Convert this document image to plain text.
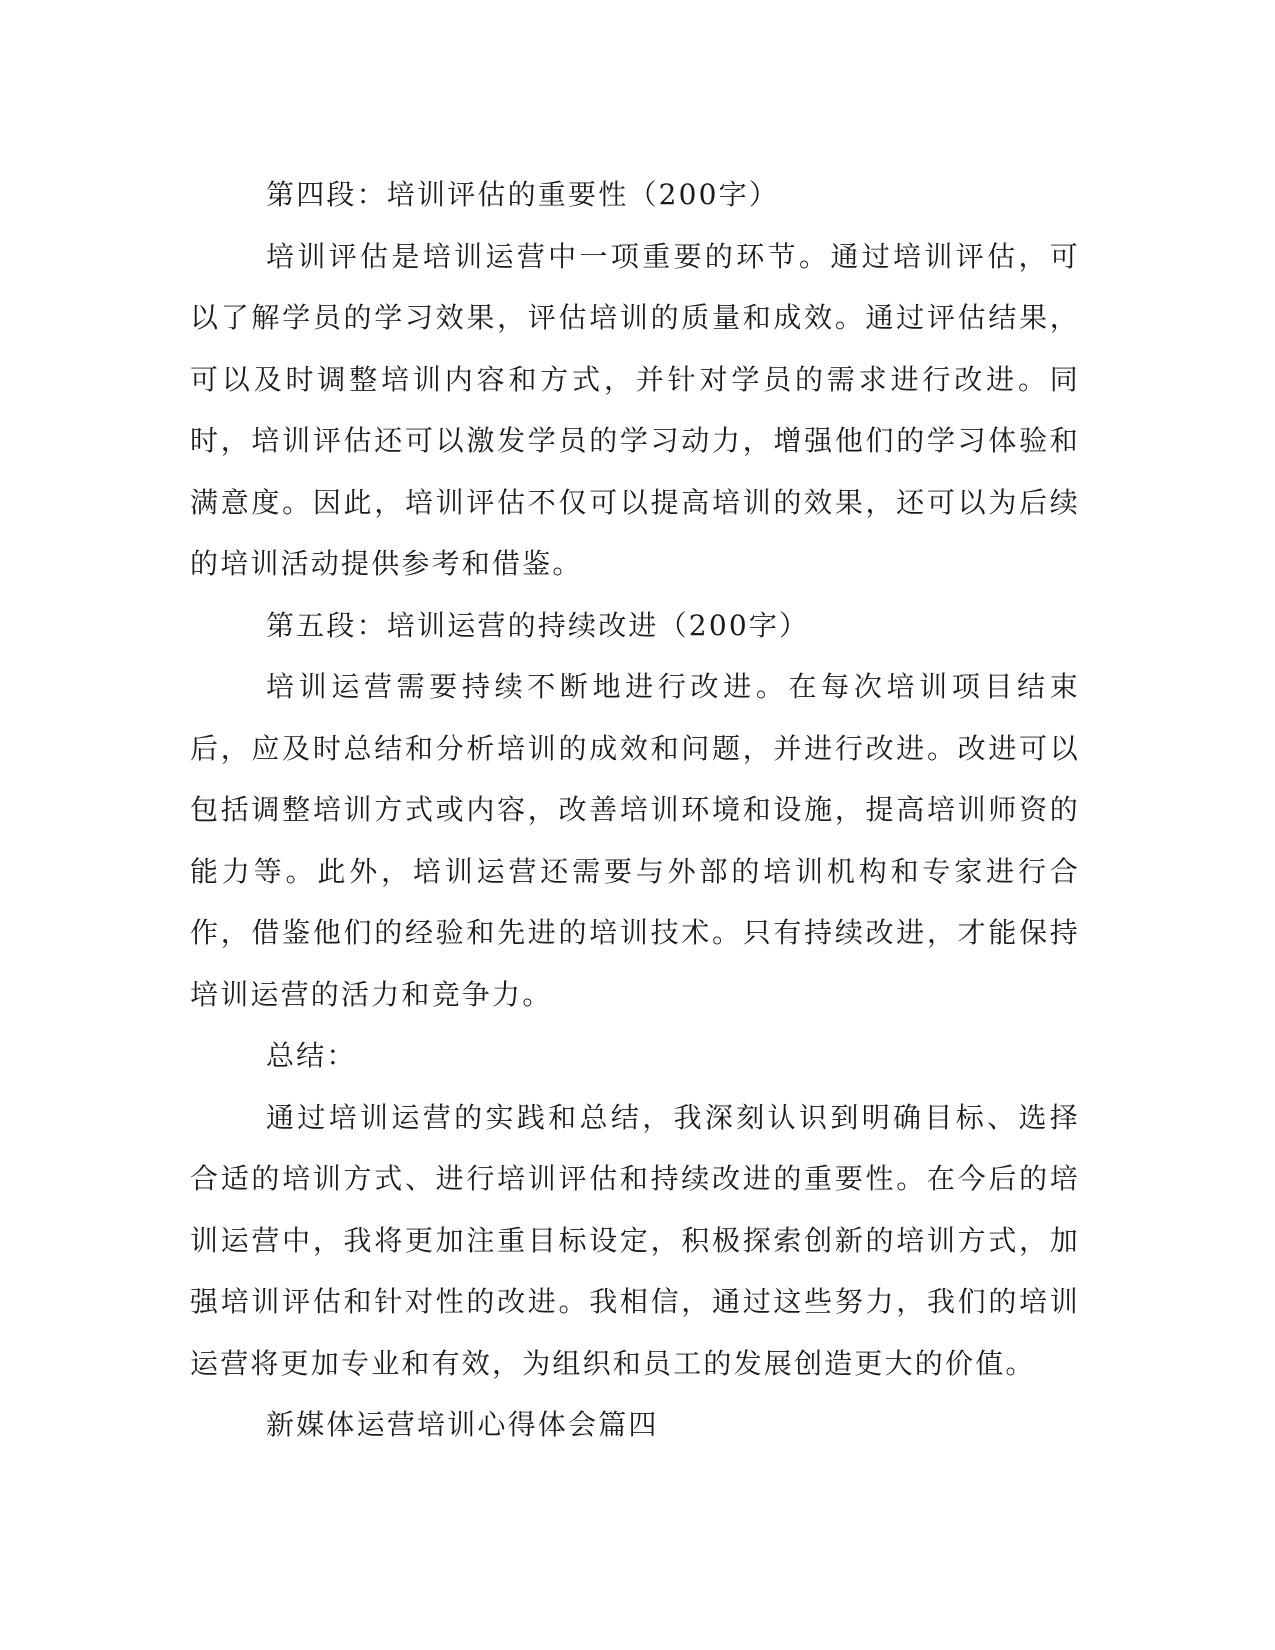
第四段：培训评估的重要性（200字）

培训评估是培训运营中一项重要的环节。通过培训评估，可以了解学员的学习效果，评估培训的质量和成效。通过评估结果，可以及时调整培训内容和方式，并针对学员的需求进行改进。同时，培训评估还可以激发学员的学习动力，增强他们的学习体验和满意度。因此，培训评估不仅可以提高培训的效果，还可以为后续的培训活动提供参考和借鉴。

第五段：培训运营的持续改进（200字）

培训运营需要持续不断地进行改进。在每次培训项目结束后，应及时总结和分析培训的成效和问题，并进行改进。改进可以包括调整培训方式或内容，改善培训环境和设施，提高培训师资的能力等。此外，培训运营还需要与外部的培训机构和专家进行合作，借鉴他们的经验和先进的培训技术。只有持续改进，才能保持培训运营的活力和竞争力。

总结：

通过培训运营的实践和总结，我深刻认识到明确目标、选择合适的培训方式、进行培训评估和持续改进的重要性。在今后的培训运营中，我将更加注重目标设定，积极探索创新的培训方式，加强培训评估和针对性的改进。我相信，通过这些努力，我们的培训运营将更加专业和有效，为组织和员工的发展创造更大的价值。

新媒体运营培训心得体会篇四
